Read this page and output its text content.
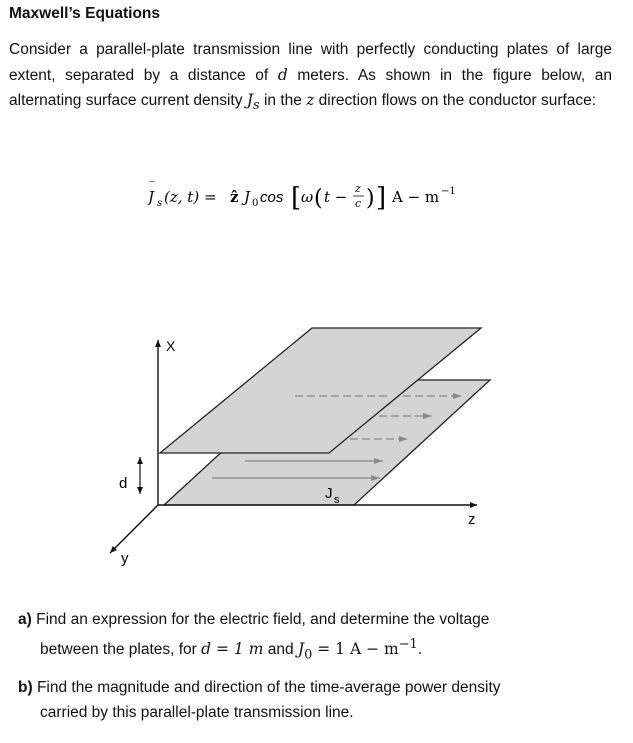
Maxwell’s Equations
Consider a parallel-plate transmission line with perfectly conducting plates of large extent, separated by a distance of d meters. As shown in the figure below, an alternating surface current density $J_s$ in the z direction flows on the conductor surface:
J
‾
s (z, t) = ẑ J 0 cos [ ω ( t − z
c ) ] A − m −1
X
d
y
z
J s
a) Find an expression for the electric field, and determine the voltage between the plates, for d = 1 m and $J_0 = 1$ $A - m^{-1}$.
b) Find the magnitude and direction of the time-average power density carried by this parallel-plate transmission line.
